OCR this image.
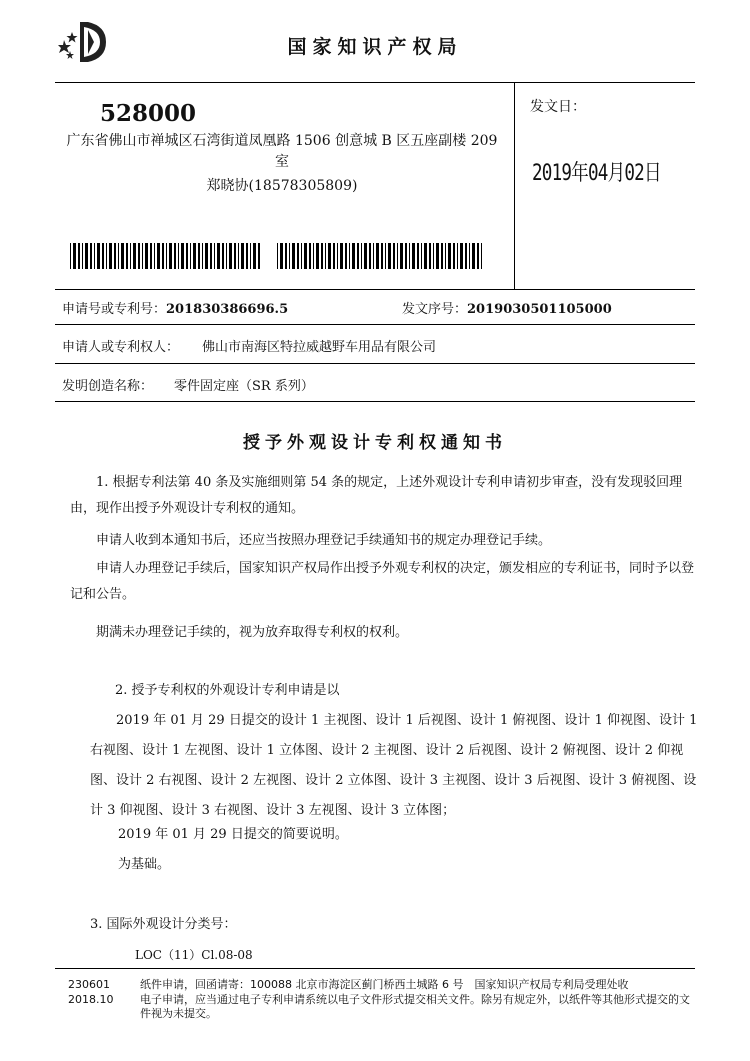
国家知识产权局
528000
广东省佛山市禅城区石湾街道凤凰路 1506 创意城 B 区五座副楼 209 室
郑晓协(18578305809)
发文日：
2019年04月02日
申请号或专利号：201830386696.5	发文序号：2019030501105000
申请人或专利权人： 佛山市南海区特拉威越野车用品有限公司
发明创造名称： 零件固定座（SR 系列）
授予外观设计专利权通知书
1. 根据专利法第 40 条及实施细则第 54 条的规定，上述外观设计专利申请初步审查，没有发现驳回理由，现作出授予外观设计专利权的通知。
申请人收到本通知书后，还应当按照办理登记手续通知书的规定办理登记手续。
申请人办理登记手续后，国家知识产权局作出授予外观专利权的决定，颁发相应的专利证书，同时予以登记和公告。
期满未办理登记手续的，视为放弃取得专利权的权利。
2. 授予专利权的外观设计专利申请是以
2019 年 01 月 29 日提交的设计 1 主视图、设计 1 后视图、设计 1 俯视图、设计 1 仰视图、设计 1 右视图、设计 1 左视图、设计 1 立体图、设计 2 主视图、设计 2 后视图、设计 2 俯视图、设计 2 仰视图、设计 2 右视图、设计 2 左视图、设计 2 立体图、设计 3 主视图、设计 3 后视图、设计 3 俯视图、设计 3 仰视图、设计 3 右视图、设计 3 左视图、设计 3 立体图；
2019 年 01 月 29 日提交的简要说明。
为基础。
3. 国际外观设计分类号：
LOC（11）Cl.08-08
230601
2018.10
纸件申请，回函请寄：100088 北京市海淀区蓟门桥西土城路 6 号　国家知识产权局专利局受理处收
电子申请，应当通过电子专利申请系统以电子文件形式提交相关文件。除另有规定外，以纸件等其他形式提交的文件视为未提交。
